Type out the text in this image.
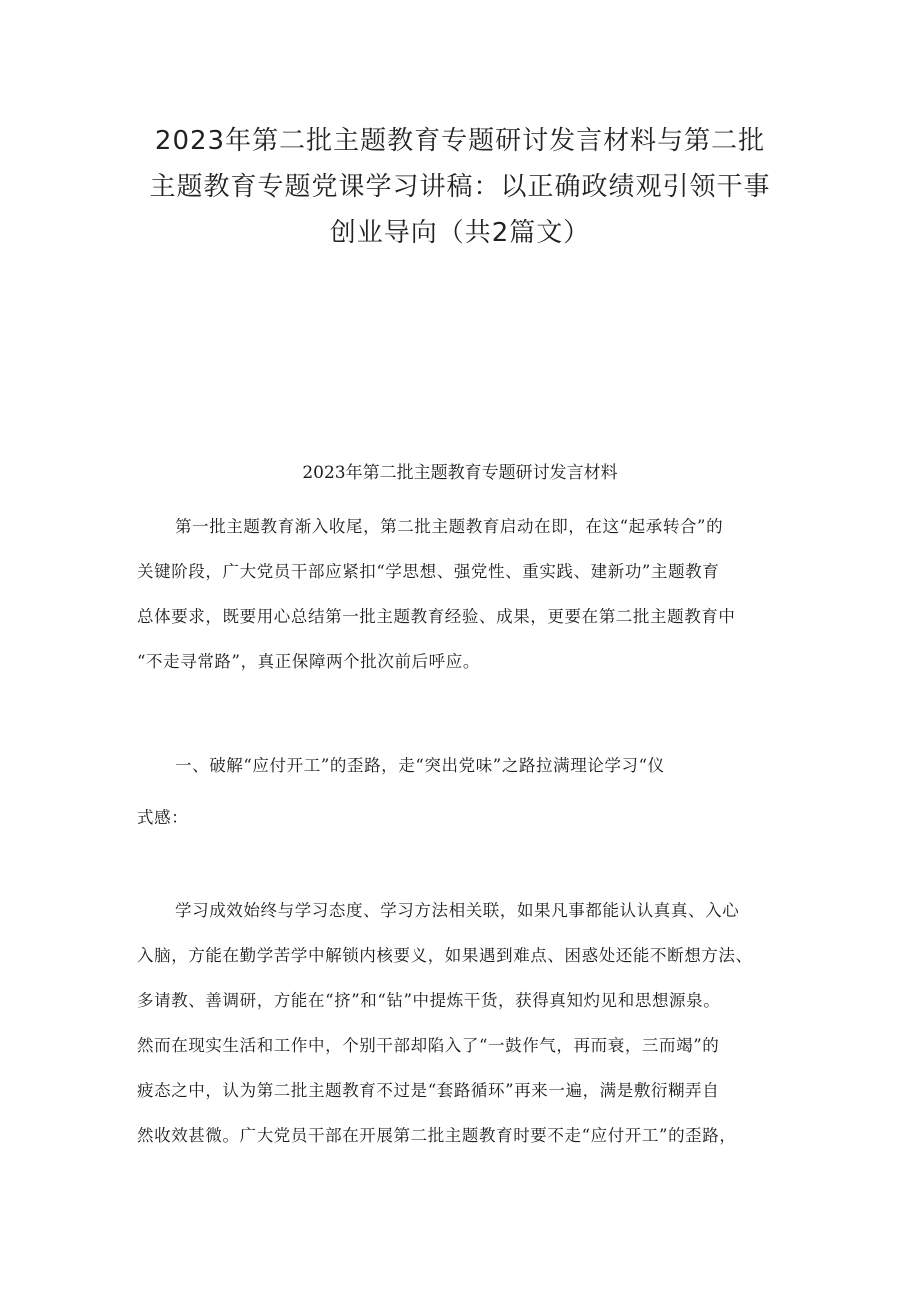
2023年第二批主题教育专题研讨发言材料与第二批
主题教育专题党课学习讲稿：以正确政绩观引领干事
创业导向（共2篇文）
2023年第二批主题教育专题研讨发言材料
第一批主题教育渐入收尾，第二批主题教育启动在即，在这“起承转合”的
关键阶段，广大党员干部应紧扣“学思想、强党性、重实践、建新功”主题教育
总体要求，既要用心总结第一批主题教育经验、成果，更要在第二批主题教育中
“不走寻常路”，真正保障两个批次前后呼应。
一、破解“应付开工”的歪路，走“突出党味”之路拉满理论学习“仪
式感：
学习成效始终与学习态度、学习方法相关联，如果凡事都能认认真真、入心
入脑，方能在勤学苦学中解锁内核要义，如果遇到难点、困惑处还能不断想方法、
多请教、善调研，方能在“挤”和“钻”中提炼干货，获得真知灼见和思想源泉。
然而在现实生活和工作中，个别干部却陷入了“一鼓作气，再而衰，三而竭”的
疲态之中，认为第二批主题教育不过是“套路循环”再来一遍，满是敷衍糊弄自
然收效甚微。广大党员干部在开展第二批主题教育时要不走“应付开工”的歪路，
